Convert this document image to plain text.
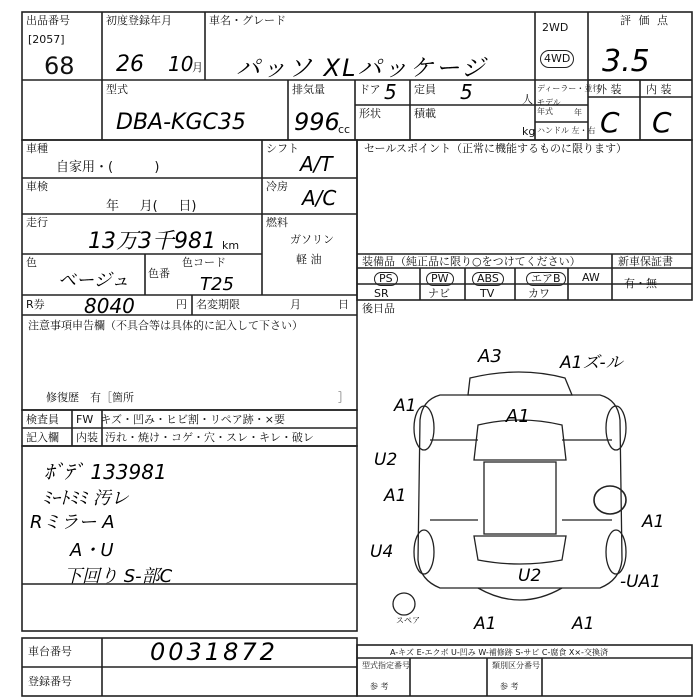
出品番号
[2057]
68
初度登録年月
26 10
月
車名・グレード
パッソ XLパッケージ
2WD
4WD
評 価 点
3.5
外 装 内 装
C C
型式
DBA-KGC35
排気量
996
cc
ドア 5 定員 5	人
形状	積載
kg
ディーラー・並行
モデル 年式	年
ハンドル 左・右
車種
自家用・(          )
車検
年     月(     日)
走行
13万3千981 km
色
ベージュ 色番
色コード
T25
R券 8040	円 名変期限	月	日
注意事項申告欄（不具合等は具体的に記入して下さい）
修復歴　有［箇所	］
検査員 FW  キズ・凹み・ヒビ割・リペア跡・×要
記入欄 内装  汚れ・焼け・コゲ・穴・スレ・キレ・破レ
ﾎﾞﾃﾞ 133981
ﾐｰﾄﾐﾐ 汚レ
Rミラー A
A・U
下回り S-部C
シフト
A/T
冷房 A/C
燃料
ガソリン
軽 油
セールスポイント（正常に機能するものに限ります）
装備品（純正品に限り○をつけてください）	新車保証書
PS	PW	ABS	エアB	AW
SR	ナビ	TV	カワ
有・無
後日品
A3	A1ズ-ル
A1
A1
U2
A1
A1
U4
U2	-UA1
A1	A1
スペア
車台番号	0031872
登録番号
A-キズ E-エクボ U-凹み W-補修跡 S-サビ C-腐食 X×-交換済
型式指定番号	類別区分番号
参 考	参 考
